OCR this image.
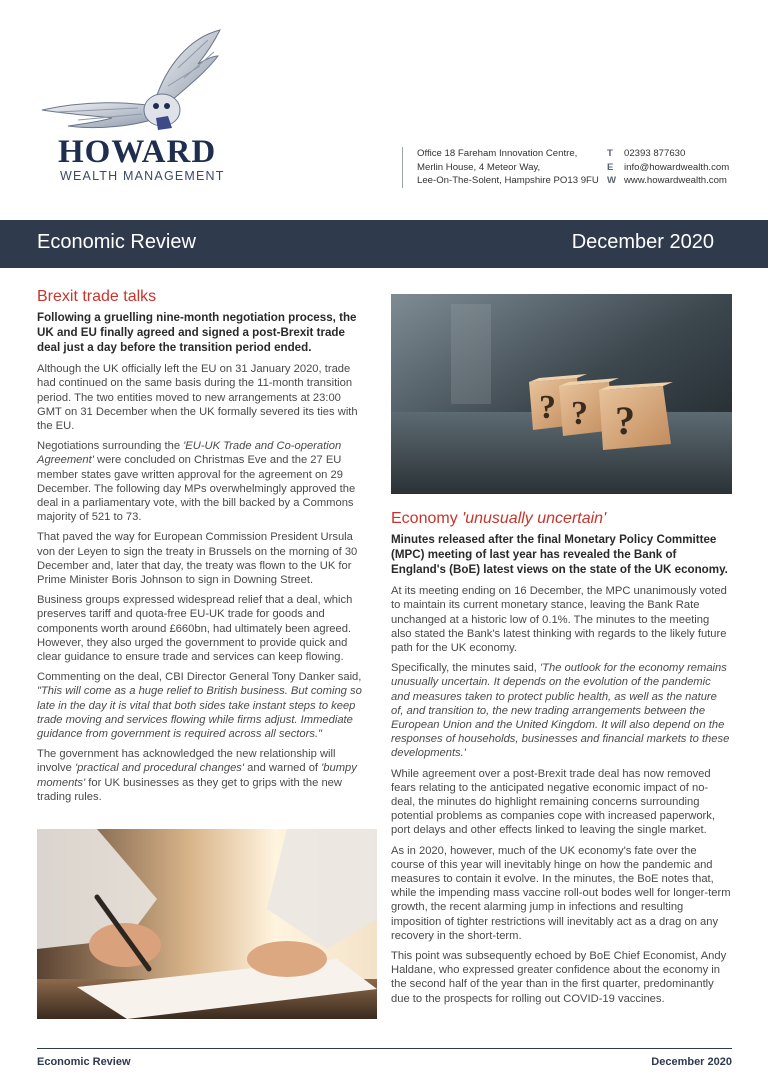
HOWARD
WEALTH MANAGEMENT
Office 18 Fareham Innovation Centre,
Merlin House, 4 Meteor Way,
Lee-On-The-Solent, Hampshire PO13 9FU
T
E
W
02393 877630
info@howardwealth.com
www.howardwealth.com
Economic Review	December 2020
Brexit trade talks
Following a gruelling nine-month negotiation process, the UK and EU finally agreed and signed a post-Brexit trade deal just a day before the transition period ended.

Although the UK officially left the EU on 31 January 2020, trade had continued on the same basis during the 11-month transition period. The two entities moved to new arrangements at 23:00 GMT on 31 December when the UK formally severed its ties with the EU.

Negotiations surrounding the 'EU-UK Trade and Co-operation Agreement' were concluded on Christmas Eve and the 27 EU member states gave written approval for the agreement on 29 December. The following day MPs overwhelmingly approved the deal in a parliamentary vote, with the bill backed by a Commons majority of 521 to 73.

That paved the way for European Commission President Ursula von der Leyen to sign the treaty in Brussels on the morning of 30 December and, later that day, the treaty was flown to the UK for Prime Minister Boris Johnson to sign in Downing Street.

Business groups expressed widespread relief that a deal, which preserves tariff and quota-free EU-UK trade for goods and components worth around £660bn, had ultimately been agreed. However, they also urged the government to provide quick and clear guidance to ensure trade and services can keep flowing.

Commenting on the deal, CBI Director General Tony Danker said, "This will come as a huge relief to British business. But coming so late in the day it is vital that both sides take instant steps to keep trade moving and services flowing while firms adjust. Immediate guidance from government is required across all sectors."

The government has acknowledged the new relationship will involve 'practical and procedural changes' and warned of 'bumpy moments' for UK businesses as they get to grips with the new trading rules.

? ? ?
Economy 'unusually uncertain'
Minutes released after the final Monetary Policy Committee (MPC) meeting of last year has revealed the Bank of England's (BoE) latest views on the state of the UK economy.

At its meeting ending on 16 December, the MPC unanimously voted to maintain its current monetary stance, leaving the Bank Rate unchanged at a historic low of 0.1%. The minutes to the meeting also stated the Bank's latest thinking with regards to the likely future path for the UK economy.

Specifically, the minutes said, 'The outlook for the economy remains unusually uncertain. It depends on the evolution of the pandemic and measures taken to protect public health, as well as the nature of, and transition to, the new trading arrangements between the European Union and the United Kingdom. It will also depend on the responses of households, businesses and financial markets to these developments.'

While agreement over a post-Brexit trade deal has now removed fears relating to the anticipated negative economic impact of no-deal, the minutes do highlight remaining concerns surrounding potential problems as companies cope with increased paperwork, port delays and other effects linked to leaving the single market.

As in 2020, however, much of the UK economy's fate over the course of this year will inevitably hinge on how the pandemic and measures to contain it evolve. In the minutes, the BoE notes that, while the impending mass vaccine roll-out bodes well for longer-term growth, the recent alarming jump in infections and resulting imposition of tighter restrictions will inevitably act as a drag on any recovery in the short-term.

This point was subsequently echoed by BoE Chief Economist, Andy Haldane, who expressed greater confidence about the economy in the second half of the year than in the first quarter, predominantly due to the prospects for rolling out COVID-19 vaccines.

Economic Review	December 2020
